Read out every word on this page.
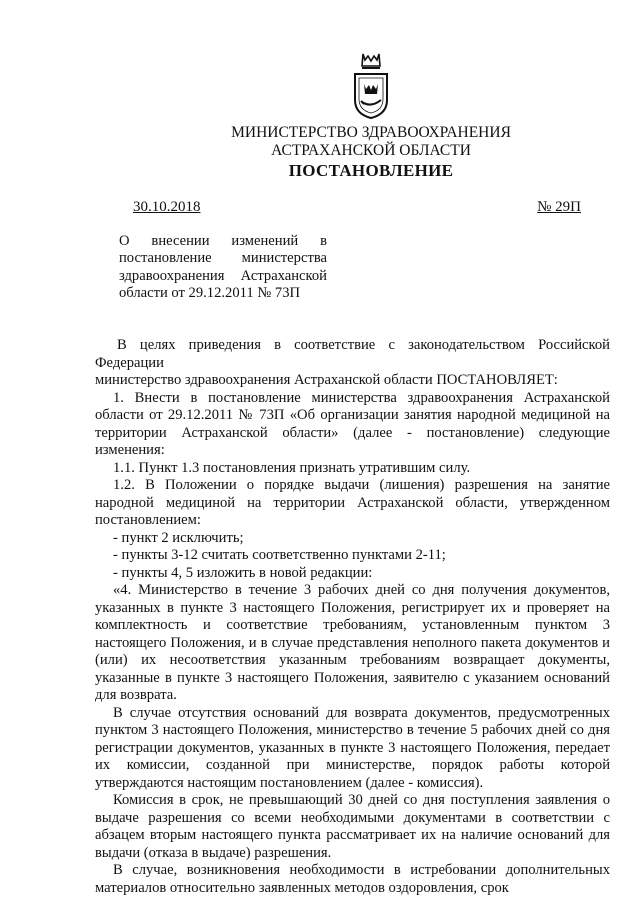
МИНИСТЕРСТВО ЗДРАВООХРАНЕНИЯ
АСТРАХАНСКОЙ ОБЛАСТИ
ПОСТАНОВЛЕНИЕ
30.10.2018	№ 29П
О внесении изменений в
постановление министерства
здравоохранения Астраханской
области от 29.12.2011 № 73П

В целях приведения в соответствие с законодательством Российской Федерации

министерство здравоохранения Астраханской области ПОСТАНОВЛЯЕТ:

1. Внести в постановление министерства здравоохранения Астраханской области от 29.12.2011 № 73П «Об организации занятия народной медициной на территории Астраханской области» (далее - постановление) следующие изменения:

1.1. Пункт 1.3 постановления признать утратившим силу.

1.2. В Положении о порядке выдачи (лишения) разрешения на занятие народной медициной на территории Астраханской области, утвержденном постановлением:

- пункт 2 исключить;

- пункты 3-12 считать соответственно пунктами 2-11;

- пункты 4, 5 изложить в новой редакции:

«4. Министерство в течение 3 рабочих дней со дня получения документов, указанных в пункте 3 настоящего Положения, регистрирует их и проверяет на комплектность и соответствие требованиям, установленным пунктом 3 настоящего Положения, и в случае представления неполного пакета документов и (или) их несоответствия указанным требованиям возвращает документы, указанные в пункте 3 настоящего Положения, заявителю с указанием оснований для возврата.

В случае отсутствия оснований для возврата документов, предусмотренных пунктом 3 настоящего Положения, министерство в течение 5 рабочих дней со дня регистрации документов, указанных в пункте 3 настоящего Положения, передает их комиссии, созданной при министерстве, порядок работы которой утверждаются настоящим постановлением (далее - комиссия).

Комиссия в срок, не превышающий 30 дней со дня поступления заявления о выдаче разрешения со всеми необходимыми документами в соответствии с абзацем вторым настоящего пункта рассматривает их на наличие оснований для выдачи (отказа в выдаче) разрешения.

В случае, возникновения необходимости в истребовании дополнительных материалов относительно заявленных методов оздоровления, срок
